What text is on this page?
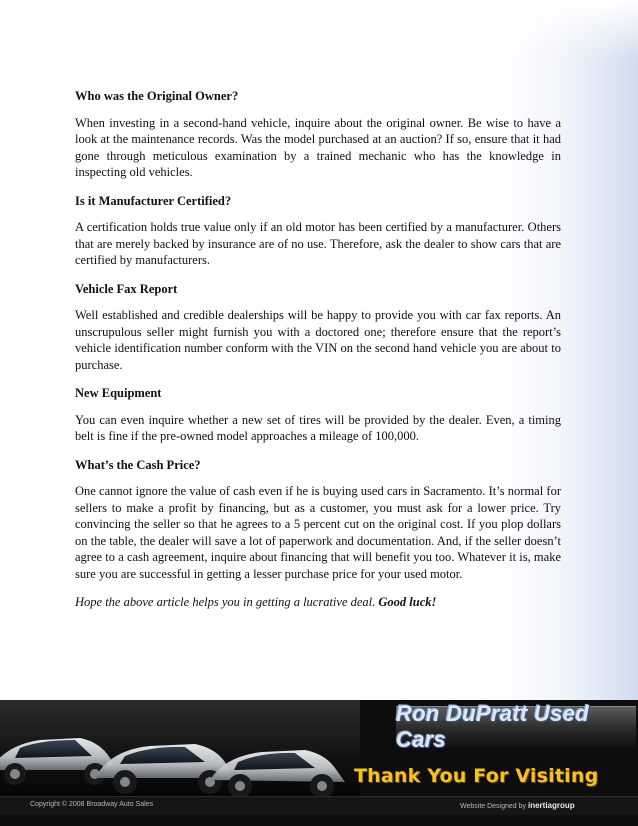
Who was the Original Owner?

When investing in a second-hand vehicle, inquire about the original owner. Be wise to have a look at the maintenance records. Was the model purchased at an auction? If so, ensure that it had gone through meticulous examination by a trained mechanic who has the knowledge in inspecting old vehicles.

Is it Manufacturer Certified?

A certification holds true value only if an old motor has been certified by a manufacturer. Others that are merely backed by insurance are of no use. Therefore, ask the dealer to show cars that are certified by manufacturers.

Vehicle Fax Report

Well established and credible dealerships will be happy to provide you with car fax reports. An unscrupulous seller might furnish you with a doctored one; therefore ensure that the report’s vehicle identification number conform with the VIN on the second hand vehicle you are about to purchase.

New Equipment

You can even inquire whether a new set of tires will be provided by the dealer. Even, a timing belt is fine if the pre-owned model approaches a mileage of 100,000.

What’s the Cash Price?

One cannot ignore the value of cash even if he is buying used cars in Sacramento. It’s normal for sellers to make a profit by financing, but as a customer, you must ask for a lower price. Try convincing the seller so that he agrees to a 5 percent cut on the original cost. If you plop dollars on the table, the dealer will save a lot of paperwork and documentation. And, if the seller doesn’t agree to a cash agreement, inquire about financing that will benefit you too. Whatever it is, make sure you are successful in getting a lesser purchase price for your used motor.

Hope the above article helps you in getting a lucrative deal. Good luck!

Ron DuPratt Used Cars
Thank You For Visiting
Copyright © 2008 Broadway Auto Sales	Website Designed by inertiagroup
